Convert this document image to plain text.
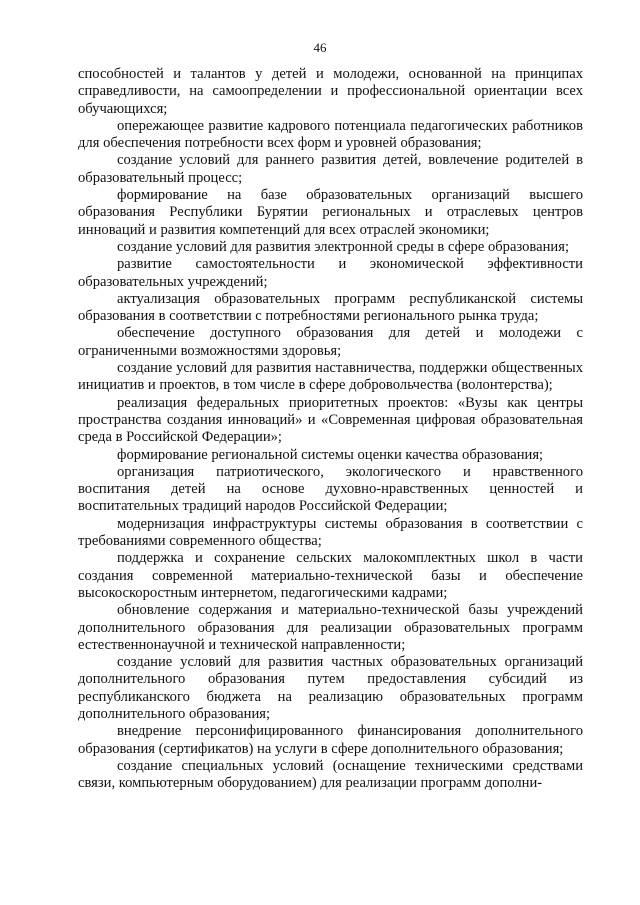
46

способностей и талантов у детей и молодежи, основанной на принципах справедливости, на самоопределении и профессиональной ориентации всех обучающихся;

опережающее развитие кадрового потенциала педагогических работников для обеспечения потребности всех форм и уровней образования;

создание условий для раннего развития детей, вовлечение родителей в образовательный процесс;

формирование на базе образовательных организаций высшего образования Республики Бурятии региональных и отраслевых центров инноваций и развития компетенций для всех отраслей экономики;

создание условий для развития электронной среды в сфере образования;

развитие самостоятельности и экономической эффективности образовательных учреждений;

актуализация образовательных программ республиканской системы образования в соответствии с потребностями регионального рынка труда;

обеспечение доступного образования для детей и молодежи с ограниченными возможностями здоровья;

создание условий для развития наставничества, поддержки общественных инициатив и проектов, в том числе в сфере добровольчества (волонтерства);

реализация федеральных приоритетных проектов: «Вузы как центры пространства создания инноваций» и «Современная цифровая образовательная среда в Российской Федерации»;

формирование региональной системы оценки качества образования;

организация патриотического, экологического и нравственного воспитания детей на основе духовно-нравственных ценностей и воспитательных традиций народов Российской Федерации;

модернизация инфраструктуры системы образования в соответствии с требованиями современного общества;

поддержка и сохранение сельских малокомплектных школ в части создания современной материально-технической базы и обеспечение высокоскоростным интернетом, педагогическими кадрами;

обновление содержания и материально-технической базы учреждений дополнительного образования для реализации образовательных программ естественнонаучной и технической направленности;

создание условий для развития частных образовательных организаций дополнительного образования путем предоставления субсидий из республиканского бюджета на реализацию образовательных программ дополнительного образования;

внедрение персонифицированного финансирования дополнительного образования (сертификатов) на услуги в сфере дополнительного образования;

создание специальных условий (оснащение техническими средствами связи, компьютерным оборудованием) для реализации программ дополни-
